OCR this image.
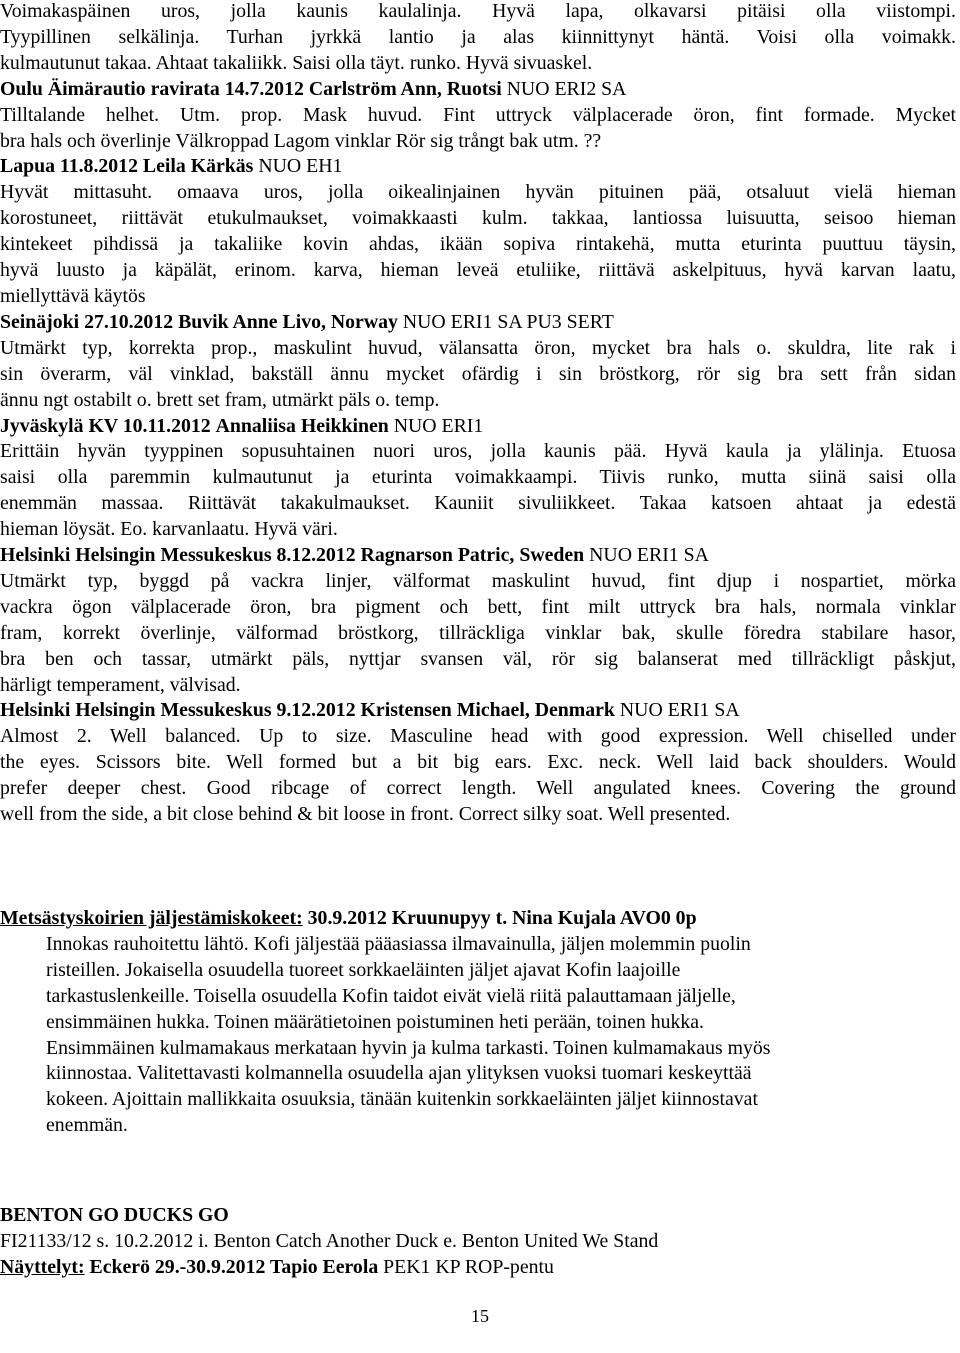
Voimakaspäinen uros, jolla kaunis kaulalinja. Hyvä lapa, olkavarsi pitäisi olla viistompi.
Tyypillinen selkälinja. Turhan jyrkkä lantio ja alas kiinnittynyt häntä. Voisi olla voimakk.
kulmautunut takaa. Ahtaat takaliikk. Saisi olla täyt. runko. Hyvä sivuaskel.
Oulu Äimärautio ravirata 14.7.2012 Carlström Ann, Ruotsi NUO ERI2 SA
Tilltalande helhet. Utm. prop. Mask huvud. Fint uttryck välplacerade öron, fint formade. Mycket
bra hals och överlinje Välkroppad Lagom vinklar Rör sig trångt bak utm. ??
Lapua 11.8.2012 Leila Kärkäs NUO EH1
Hyvät mittasuht. omaava uros, jolla oikealinjainen hyvän pituinen pää, otsaluut vielä hieman
korostuneet, riittävät etukulmaukset, voimakkaasti kulm. takkaa, lantiossa luisuutta, seisoo hieman
kintekeet pihdissä ja takaliike kovin ahdas, ikään sopiva rintakehä, mutta eturinta puuttuu täysin,
hyvä luusto ja käpälät, erinom. karva, hieman leveä etuliike, riittävä askelpituus, hyvä karvan laatu,
miellyttävä käytös
Seinäjoki 27.10.2012 Buvik Anne Livo, Norway NUO ERI1 SA PU3 SERT
Utmärkt typ, korrekta prop., maskulint huvud, välansatta öron, mycket bra hals o. skuldra, lite rak i
sin överarm, väl vinklad, bakställ ännu mycket ofärdig i sin bröstkorg, rör sig bra sett från sidan
ännu ngt ostabilt o. brett set fram, utmärkt päls o. temp.
Jyväskylä KV 10.11.2012 Annaliisa Heikkinen NUO ERI1
Erittäin hyvän tyyppinen sopusuhtainen nuori uros, jolla kaunis pää. Hyvä kaula ja ylälinja. Etuosa
saisi olla paremmin kulmautunut ja eturinta voimakkaampi. Tiivis runko, mutta siinä saisi olla
enemmän massaa. Riittävät takakulmaukset. Kauniit sivuliikkeet. Takaa katsoen ahtaat ja edestä
hieman löysät. Eo. karvanlaatu. Hyvä väri.
Helsinki Helsingin Messukeskus 8.12.2012 Ragnarson Patric, Sweden NUO ERI1 SA
Utmärkt typ, byggd på vackra linjer, välformat maskulint huvud, fint djup i nospartiet, mörka
vackra ögon välplacerade öron, bra pigment och bett, fint milt uttryck bra hals, normala vinklar
fram, korrekt överlinje, välformad bröstkorg, tillräckliga vinklar bak, skulle föredra stabilare hasor,
bra ben och tassar, utmärkt päls, nyttjar svansen väl, rör sig balanserat med tillräckligt påskjut,
härligt temperament, välvisad.
Helsinki Helsingin Messukeskus 9.12.2012 Kristensen Michael, Denmark NUO ERI1 SA
Almost 2. Well balanced. Up to size. Masculine head with good expression. Well chiselled under
the eyes. Scissors bite. Well formed but a bit big ears. Exc. neck. Well laid back shoulders. Would
prefer deeper chest. Good ribcage of correct length. Well angulated knees. Covering the ground
well from the side, a bit close behind & bit loose in front. Correct silky soat. Well presented.
Metsästyskoirien jäljestämiskokeet: 30.9.2012 Kruunupyy t. Nina Kujala AVO0 0p
Innokas rauhoitettu lähtö. Kofi jäljestää pääasiassa ilmavainulla, jäljen molemmin puolin
risteillen. Jokaisella osuudella tuoreet sorkkaeläinten jäljet ajavat Kofin laajoille
tarkastuslenkeille. Toisella osuudella Kofin taidot eivät vielä riitä palauttamaan jäljelle,
ensimmäinen hukka. Toinen määrätietoinen poistuminen heti perään, toinen hukka.
Ensimmäinen kulmamakaus merkataan hyvin ja kulma tarkasti. Toinen kulmamakaus myös
kiinnostaa. Valitettavasti kolmannella osuudella ajan ylityksen vuoksi tuomari keskeyttää
kokeen. Ajoittain mallikkaita osuuksia, tänään kuitenkin sorkkaeläinten jäljet kiinnostavat
enemmän.
BENTON GO DUCKS GO
FI21133/12 s. 10.2.2012 i. Benton Catch Another Duck e. Benton United We Stand
Näyttelyt: Eckerö 29.-30.9.2012 Tapio Eerola PEK1 KP ROP-pentu
15
